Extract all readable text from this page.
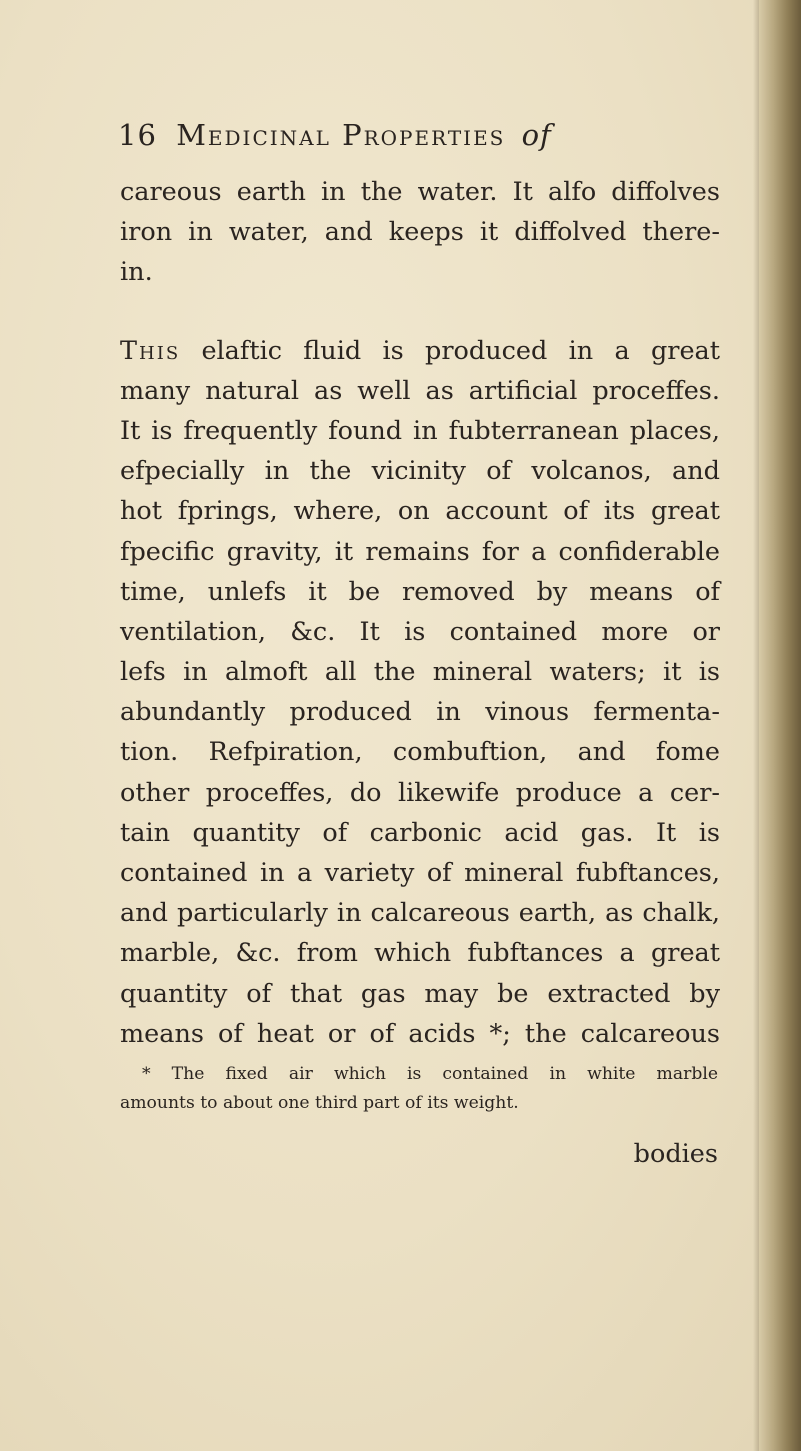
16 Medicinal Properties of
careous earth in the water. It alfo diffolves
iron in water, and keeps it diffolved there-
in.
This elaftic fluid is produced in a great
many natural as well as artificial proceffes.
It is frequently found in fubterranean places,
efpecially in the vicinity of volcanos, and
hot fprings, where, on account of its great
fpecific gravity, it remains for a confiderable
time, unlefs it be removed by means of
ventilation, &c. It is contained more or
lefs in almoft all the mineral waters; it is
abundantly produced in vinous fermenta-
tion. Refpiration, combuftion, and fome
other proceffes, do likewife produce a cer-
tain quantity of carbonic acid gas. It is
contained in a variety of mineral fubftances,
and particularly in calcareous earth, as chalk,
marble, &c. from which fubftances a great
quantity of that gas may be extracted by
means of heat or of acids *; the calcareous
* The fixed air which is contained in white marble
amounts to about one third part of its weight.
bodies
